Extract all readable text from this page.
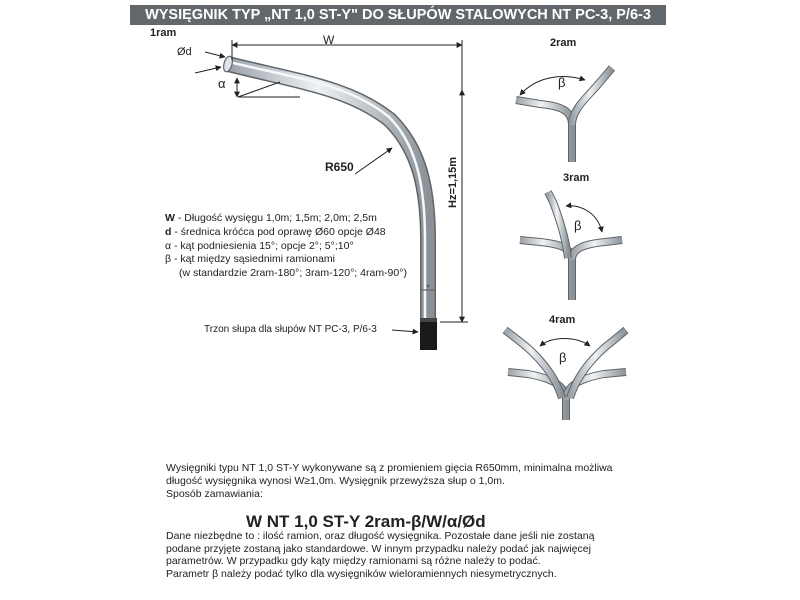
WYSIĘGNIK TYP „NT 1,0 ST-Y" DO SŁUPÓW STALOWYCH NT PC-3, P/6-3
1ram
Ød
W
α
R650	Hz=1,15m
Trzon słupa dla słupów NT PC-3, P/6-3
W - Długość wysięgu 1,0m; 1,5m; 2,0m; 2,5m
d - średnica króćca pod oprawę Ø60 opcje Ø48
α - kąt podniesienia 15°; opcje 2°; 5°;10°
β - kąt między sąsiednimi ramionami
(w standardzie 2ram-180°; 3ram-120°; 4ram-90°)
2ram
β
3ram
β
4ram
β

Wysięgniki typu NT 1,0 ST-Y wykonywane są z promieniem gięcia R650mm, minimalna możliwa

długość wysięgnika wynosi W≥1,0m. Wysięgnik przewyższa słup o 1,0m.

Sposób zamawiania:

W NT 1,0 ST-Y 2ram-β/W/α/Ød

Dane niezbędne to : ilość ramion, oraz długość wysięgnika. Pozostałe dane jeśli nie zostaną

podane przyjęte zostaną jako standardowe. W innym przypadku należy podać jak najwięcej

parametrów. W przypadku gdy kąty między ramionami są różne należy to podać.

Parametr β należy podać tylko dla wysięgników wieloramiennych niesymetrycznych.
